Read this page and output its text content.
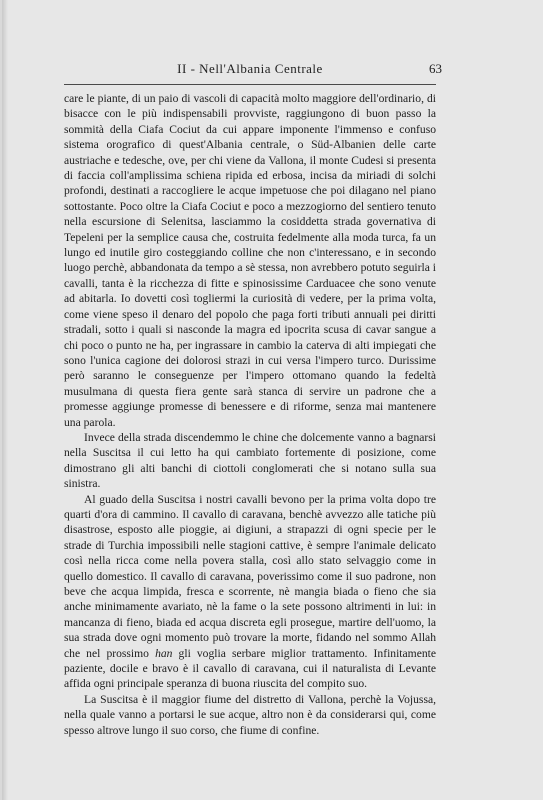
II - Nell'Albania Centrale	63

care le piante, di un paio di vascoli di capacità molto maggiore dell'ordinario, di bisacce con le più indispensabili provviste, raggiungono di buon passo la sommità della Ciafa Cociut da cui appare imponente l'immenso e confuso sistema orografico di quest'Albania centrale, o Süd-Albanien delle carte austriache e tedesche, ove, per chi viene da Vallona, il monte Cudesi si presenta di faccia coll'amplissima schiena ripida ed erbosa, incisa da miriadi di solchi profondi, destinati a raccogliere le acque impetuose che poi dilagano nel piano sottostante. Poco oltre la Ciafa Cociut e poco a mezzogiorno del sentiero tenuto nella escursione di Selenitsa, lasciammo la cosiddetta strada governativa di Tepeleni per la semplice causa che, costruita fedelmente alla moda turca, fa un lungo ed inutile giro costeggiando colline che non c'interessano, e in secondo luogo perchè, abbandonata da tempo a sè stessa, non avrebbero potuto seguirla i cavalli, tanta è la ricchezza di fitte e spinosissime Carduacee che sono venute ad abitarla. Io dovetti così togliermi la curiosità di vedere, per la prima volta, come viene speso il denaro del popolo che paga forti tributi annuali pei diritti stradali, sotto i quali si nasconde la magra ed ipocrita scusa di cavar sangue a chi poco o punto ne ha, per ingrassare in cambio la caterva di alti impiegati che sono l'unica cagione dei dolorosi strazi in cui versa l'impero turco. Durissime però saranno le conseguenze per l'impero ottomano quando la fedeltà musulmana di questa fiera gente sarà stanca di servire un padrone che a promesse aggiunge promesse di benessere e di riforme, senza mai mantenere una parola.

Invece della strada discendemmo le chine che dolcemente vanno a bagnarsi nella Suscitsa il cui letto ha qui cambiato fortemente di posizione, come dimostrano gli alti banchi di ciottoli conglomerati che si notano sulla sua sinistra.

Al guado della Suscitsa i nostri cavalli bevono per la prima volta dopo tre quarti d'ora di cammino. Il cavallo di caravana, benchè avvezzo alle tatiche più disastrose, esposto alle pioggie, ai digiuni, a strapazzi di ogni specie per le strade di Turchia impossibili nelle stagioni cattive, è sempre l'animale delicato così nella ricca come nella povera stalla, così allo stato selvaggio come in quello domestico. Il cavallo di caravana, poverissimo come il suo padrone, non beve che acqua limpida, fresca e scorrente, nè mangia biada o fieno che sia anche minimamente avariato, nè la fame o la sete possono altrimenti in lui: in mancanza di fieno, biada ed acqua discreta egli prosegue, martire dell'uomo, la sua strada dove ogni momento può trovare la morte, fidando nel sommo Allah che nel prossimo han gli voglia serbare miglior trattamento. Infinitamente paziente, docile e bravo è il cavallo di caravana, cui il naturalista di Levante affida ogni principale speranza di buona riuscita del compito suo.

La Suscitsa è il maggior fiume del distretto di Vallona, perchè la Vojussa, nella quale vanno a portarsi le sue acque, altro non è da considerarsi qui, come spesso altrove lungo il suo corso, che fiume di confine.
